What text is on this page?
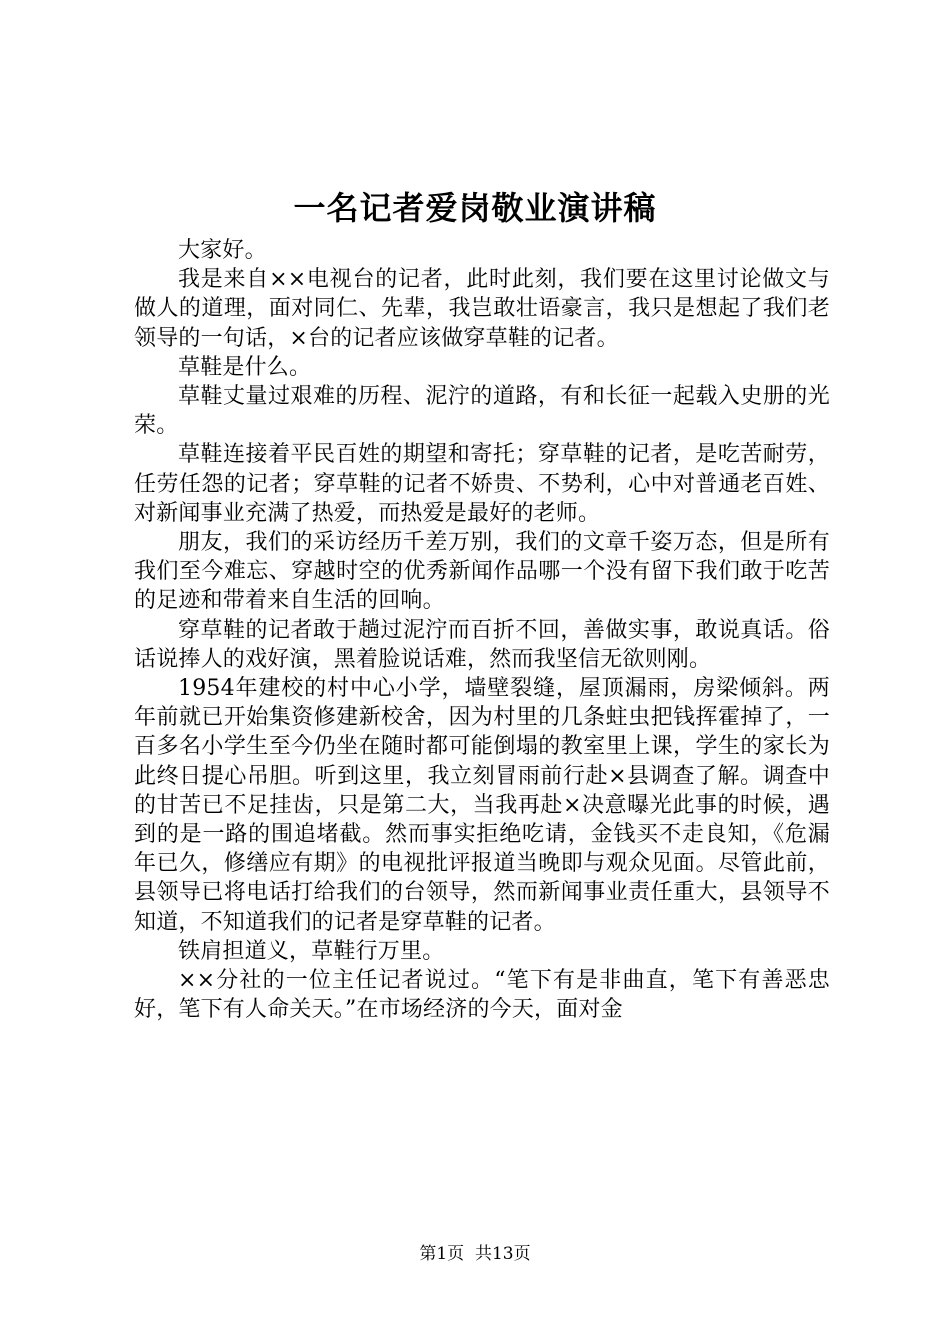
一名记者爱岗敬业演讲稿

大家好。

我是来自××电视台的记者，此时此刻，我们要在这里讨论做文与做人的道理，面对同仁、先辈，我岂敢壮语豪言，我只是想起了我们老领导的一句话，×台的记者应该做穿草鞋的记者。

草鞋是什么。

草鞋丈量过艰难的历程、泥泞的道路，有和长征一起载入史册的光荣。

草鞋连接着平民百姓的期望和寄托；穿草鞋的记者，是吃苦耐劳，任劳任怨的记者；穿草鞋的记者不娇贵、不势利，心中对普通老百姓、对新闻事业充满了热爱，而热爱是最好的老师。

朋友，我们的采访经历千差万别，我们的文章千姿万态，但是所有我们至今难忘、穿越时空的优秀新闻作品哪一个没有留下我们敢于吃苦的足迹和带着来自生活的回响。

穿草鞋的记者敢于趟过泥泞而百折不回，善做实事，敢说真话。俗话说捧人的戏好演，黑着脸说话难，然而我坚信无欲则刚。

1954年建校的村中心小学，墙壁裂缝，屋顶漏雨，房梁倾斜。两年前就已开始集资修建新校舍，因为村里的几条蛀虫把钱挥霍掉了，一百多名小学生至今仍坐在随时都可能倒塌的教室里上课，学生的家长为此终日提心吊胆。听到这里，我立刻冒雨前行赴×县调查了解。调查中的甘苦已不足挂齿，只是第二大，当我再赴×决意曝光此事的时候，遇到的是一路的围追堵截。然而事实拒绝吃请，金钱买不走良知，《危漏年已久，修缮应有期》的电视批评报道当晚即与观众见面。尽管此前，县领导已将电话打给我们的台领导，然而新闻事业责任重大，县领导不知道，不知道我们的记者是穿草鞋的记者。

铁肩担道义，草鞋行万里。

××分社的一位主任记者说过。“笔下有是非曲直，笔下有善恶忠好，笔下有人命关天。”在市场经济的今天，面对金

第1页  共13页
